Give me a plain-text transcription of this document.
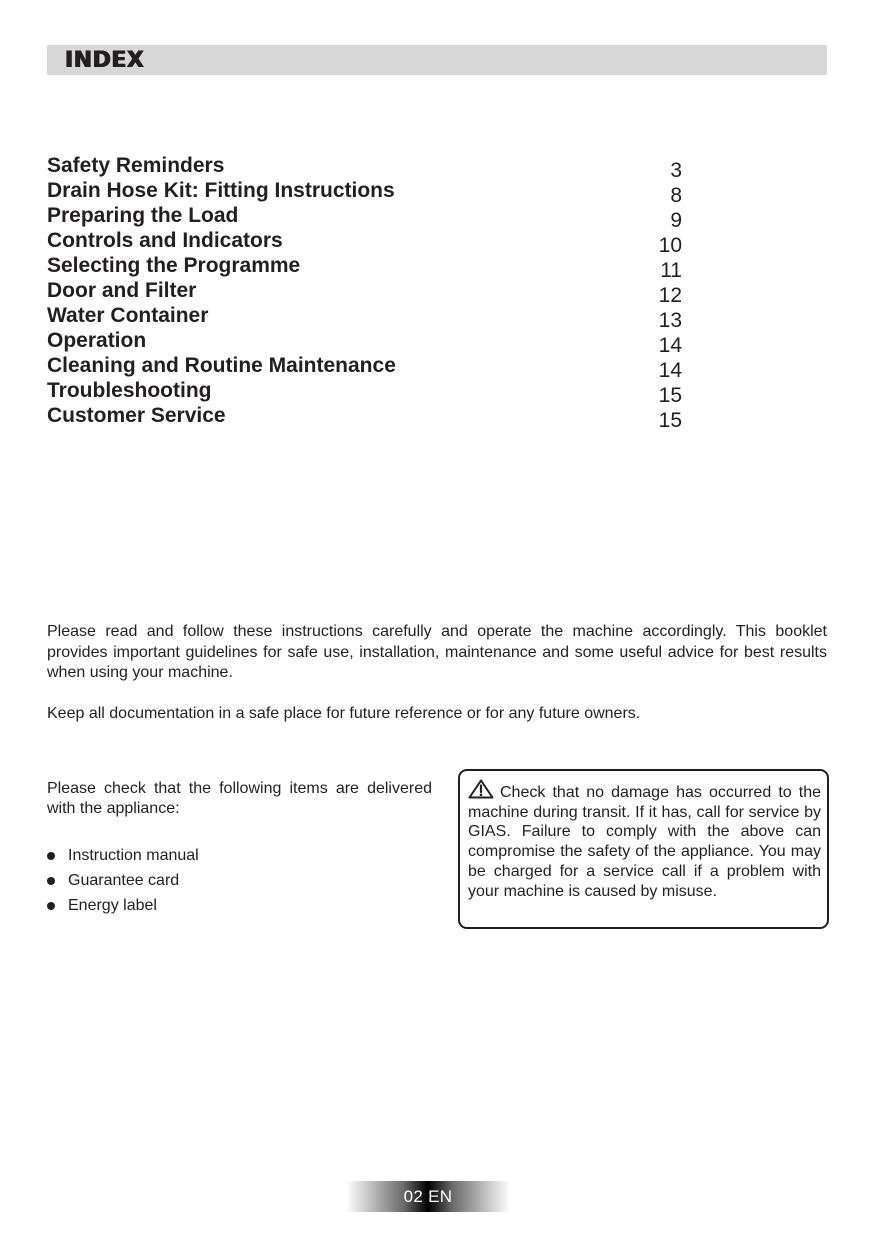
INDEX
Safety Reminders	3
Drain Hose Kit: Fitting Instructions	8
Preparing the Load	9
Controls and Indicators	10
Selecting the Programme	11
Door and Filter	12
Water Container	13
Operation	14
Cleaning and Routine Maintenance	14
Troubleshooting	15
Customer Service	15

Please read and follow these instructions carefully and operate the machine accordingly. This booklet provides important guidelines for safe use, installation, maintenance and some useful advice for best results when using your machine.

Keep all documentation in a safe place for future reference or for any future owners.

Please check that the following items are delivered with the appliance:

Instruction manual
Guarantee card
Energy label

Check that no damage has occurred to the machine during transit. If it has, call for service by GIAS. Failure to comply with the above can compromise the safety of the appliance. You may be charged for a service call if a problem with your machine is caused by misuse.

02 EN
